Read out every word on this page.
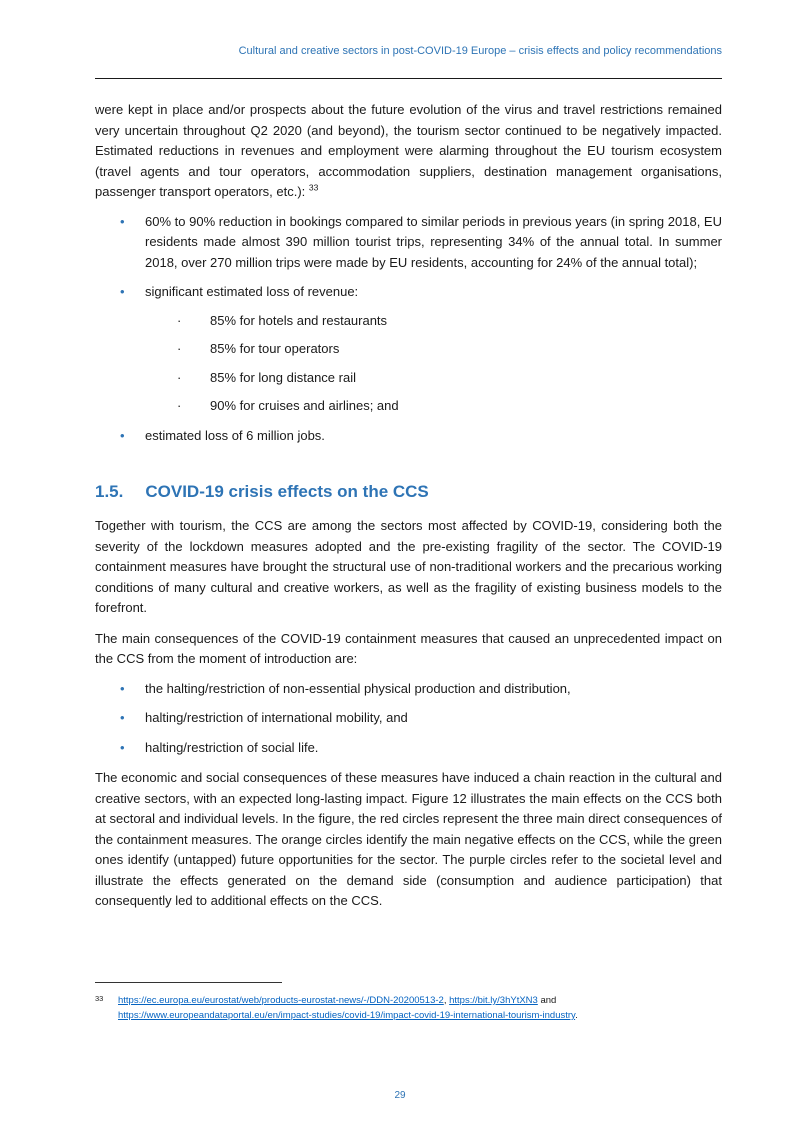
Cultural and creative sectors in post-COVID-19 Europe – crisis effects and policy recommendations
were kept in place and/or prospects about the future evolution of the virus and travel restrictions remained very uncertain throughout Q2 2020 (and beyond), the tourism sector continued to be negatively impacted. Estimated reductions in revenues and employment were alarming throughout the EU tourism ecosystem (travel agents and tour operators, accommodation suppliers, destination management organisations, passenger transport operators, etc.): $^{33}$
•	60% to 90% reduction in bookings compared to similar periods in previous years (in spring 2018, EU residents made almost 390 million tourist trips, representing 34% of the annual total. In summer 2018, over 270 million trips were made by EU residents, accounting for 24% of the annual total);
•	significant estimated loss of revenue:
·	85% for hotels and restaurants
·	85% for tour operators
·	85% for long distance rail
·	90% for cruises and airlines; and
•	estimated loss of 6 million jobs.
1.5. COVID-19 crisis effects on the CCS
Together with tourism, the CCS are among the sectors most affected by COVID-19, considering both the severity of the lockdown measures adopted and the pre-existing fragility of the sector. The COVID-19 containment measures have brought the structural use of non-traditional workers and the precarious working conditions of many cultural and creative workers, as well as the fragility of existing business models to the forefront.
The main consequences of the COVID-19 containment measures that caused an unprecedented impact on the CCS from the moment of introduction are:
•	the halting/restriction of non-essential physical production and distribution,
•	halting/restriction of international mobility, and
•	halting/restriction of social life.
The economic and social consequences of these measures have induced a chain reaction in the cultural and creative sectors, with an expected long-lasting impact. Figure 12 illustrates the main effects on the CCS both at sectoral and individual levels. In the figure, the red circles represent the three main direct consequences of the containment measures. The orange circles identify the main negative effects on the CCS, while the green ones identify (untapped) future opportunities for the sector. The purple circles refer to the societal level and illustrate the effects generated on the demand side (consumption and audience participation) that consequently led to additional effects on the CCS.
33	https://ec.europa.eu/eurostat/web/products-eurostat-news/-/DDN-20200513-2, https://bit.ly/3hYtXN3 and
https://www.europeandataportal.eu/en/impact-studies/covid-19/impact-covid-19-international-tourism-industry.
29
